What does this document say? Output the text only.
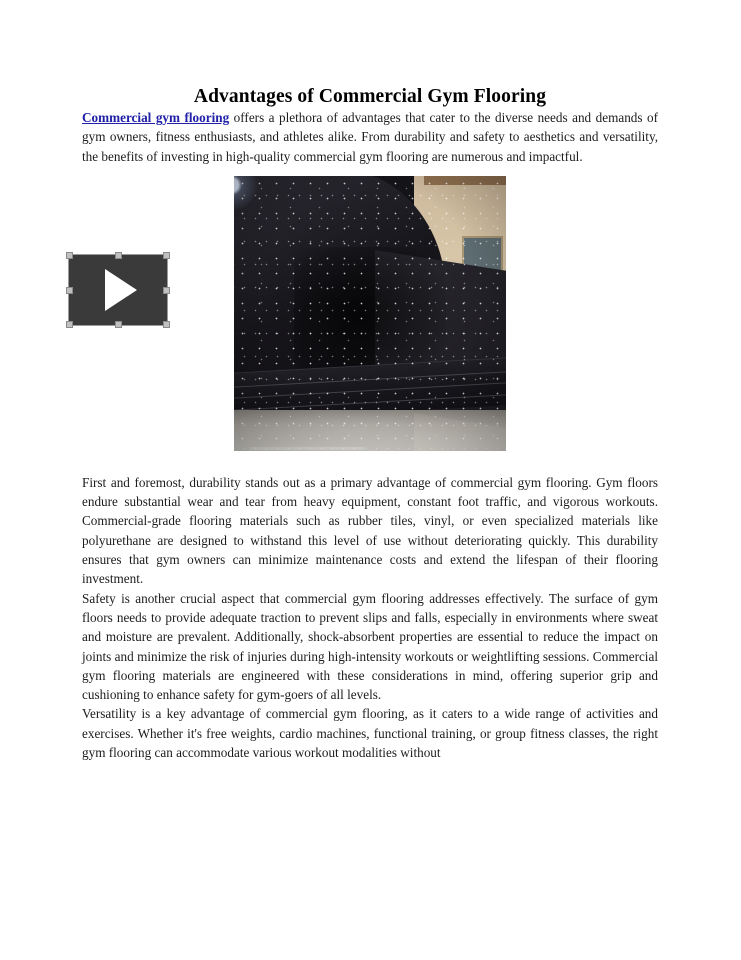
Advantages of Commercial Gym Flooring

Commercial gym flooring offers a plethora of advantages that cater to the diverse needs and demands of gym owners, fitness enthusiasts, and athletes alike. From durability and safety to aesthetics and versatility, the benefits of investing in high-quality commercial gym flooring are numerous and impactful.

First and foremost, durability stands out as a primary advantage of commercial gym flooring. Gym floors endure substantial wear and tear from heavy equipment, constant foot traffic, and vigorous workouts. Commercial-grade flooring materials such as rubber tiles, vinyl, or even specialized materials like polyurethane are designed to withstand this level of use without deteriorating quickly. This durability ensures that gym owners can minimize maintenance costs and extend the lifespan of their flooring investment.

Safety is another crucial aspect that commercial gym flooring addresses effectively. The surface of gym floors needs to provide adequate traction to prevent slips and falls, especially in environments where sweat and moisture are prevalent. Additionally, shock-absorbent properties are essential to reduce the impact on joints and minimize the risk of injuries during high-intensity workouts or weightlifting sessions. Commercial gym flooring materials are engineered with these considerations in mind, offering superior grip and cushioning to enhance safety for gym-goers of all levels.

Versatility is a key advantage of commercial gym flooring, as it caters to a wide range of activities and exercises. Whether it's free weights, cardio machines, functional training, or group fitness classes, the right gym flooring can accommodate various workout modalities without
